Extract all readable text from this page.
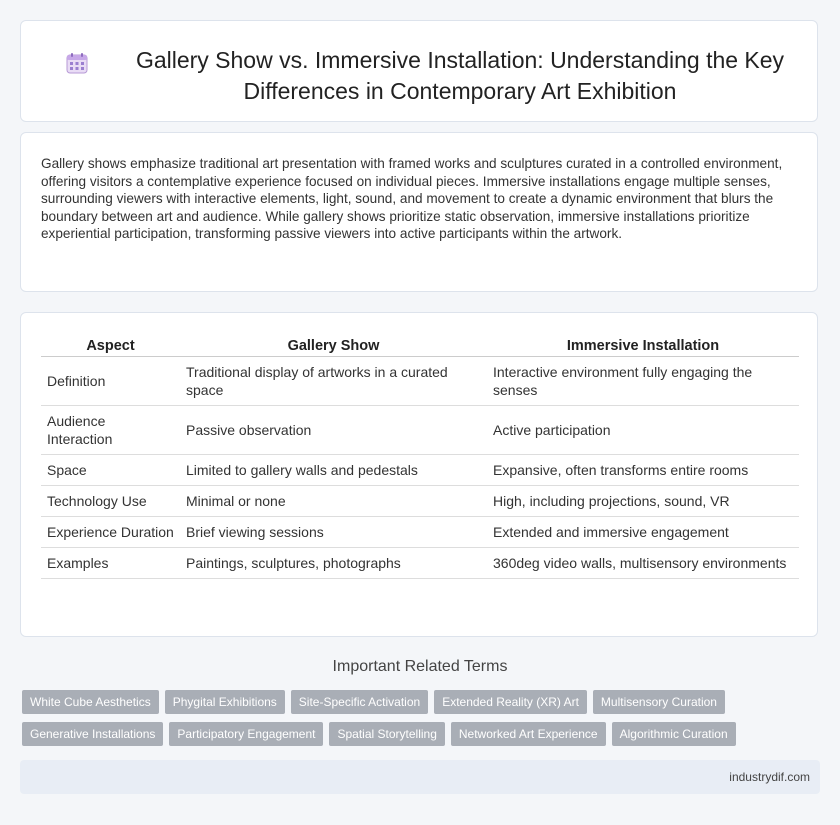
Gallery Show vs. Immersive Installation: Understanding the Key Differences in Contemporary Art Exhibition

Gallery shows emphasize traditional art presentation with framed works and sculptures curated in a controlled environment, offering visitors a contemplative experience focused on individual pieces. Immersive installations engage multiple senses, surrounding viewers with interactive elements, light, sound, and movement to create a dynamic environment that blurs the boundary between art and audience. While gallery shows prioritize static observation, immersive installations prioritize experiential participation, transforming passive viewers into active participants within the artwork.

Aspect	Gallery Show	Immersive Installation
Definition	Traditional display of artworks in a curated space	Interactive environment fully engaging the senses
Audience Interaction	Passive observation	Active participation
Space	Limited to gallery walls and pedestals	Expansive, often transforms entire rooms
Technology Use	Minimal or none	High, including projections, sound, VR
Experience Duration	Brief viewing sessions	Extended and immersive engagement
Examples	Paintings, sculptures, photographs	360deg video walls, multisensory environments
Important Related Terms
White Cube Aesthetics	Phygital Exhibitions	Site-Specific Activation	Extended Reality (XR) Art	Multisensory Curation
Generative Installations	Participatory Engagement	Spatial Storytelling	Networked Art Experience	Algorithmic Curation
industrydif.com
